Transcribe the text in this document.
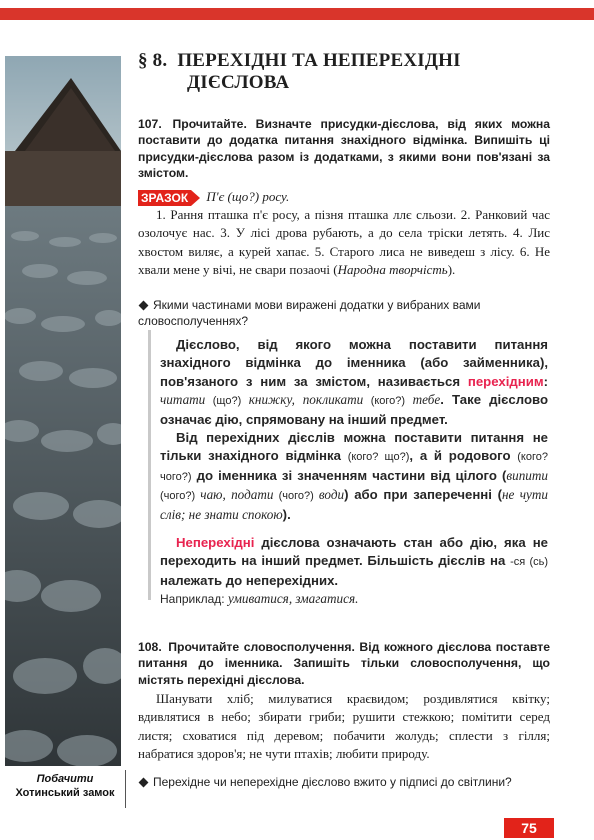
Побачити
Хотинський замок
§ 8. ПЕРЕХІДНІ ТА НЕПЕРЕХІДНІ
ДІЄСЛОВА
107. Прочитайте. Визначте присудки-дієслова, від яких можна поставити до додатка питання знахідного відмінка. Випишіть ці присудки-дієслова разом із додатками, з якими вони пов'язані за змістом.
ЗРАЗОК П'є (що?) росу.

1. Рання пташка п'є росу, а пізня пташка ллє сльози. 2. Ранковий час озолочує нас. 3. У лісі дрова рубають, а до села тріски летять. 4. Лис хвостом виляє, а курей хапає. 5. Старого лиса не виведеш з лісу. 6. Не хвали мене у вічі, не свари позаочі (Народна творчість).

Якими частинами мови виражені додатки у вибраних вами словосполученнях?

Дієслово, від якого можна поставити питання знахідного відмінка до іменника (або займенника), пов'язаного з ним за змістом, називається перехідним: читати (що?) книжку, покликати (кого?) тебе. Таке дієслово означає дію, спрямовану на інший предмет.

Від перехідних дієслів можна поставити питання не тільки знахідного відмінка (кого? що?), а й родового (кого? чого?) до іменника зі значенням частини від цілого (випити (чого?) чаю, подати (чого?) води) або при запереченні (не чути слів; не знати спокою).

Неперехідні дієслова означають стан або дію, яка не переходить на інший предмет. Більшість дієслів на -ся (сь) належать до неперехідних.
Наприклад: умиватися, змагатися.

108. Прочитайте словосполучення. Від кожного дієслова поставте питання до іменника. Запишіть тільки словосполучення, що містять перехідні дієслова.

Шанувати хліб; милуватися краєвидом; роздивлятися квітку; вдивлятися в небо; збирати гриби; рушити стежкою; помітити серед листя; сховатися під деревом; побачити жолудь; сплести з гілля; набратися здоров'я; не чути птахів; любити природу.

Перехідне чи неперехідне дієслово вжито у підписі до світлини?
75
